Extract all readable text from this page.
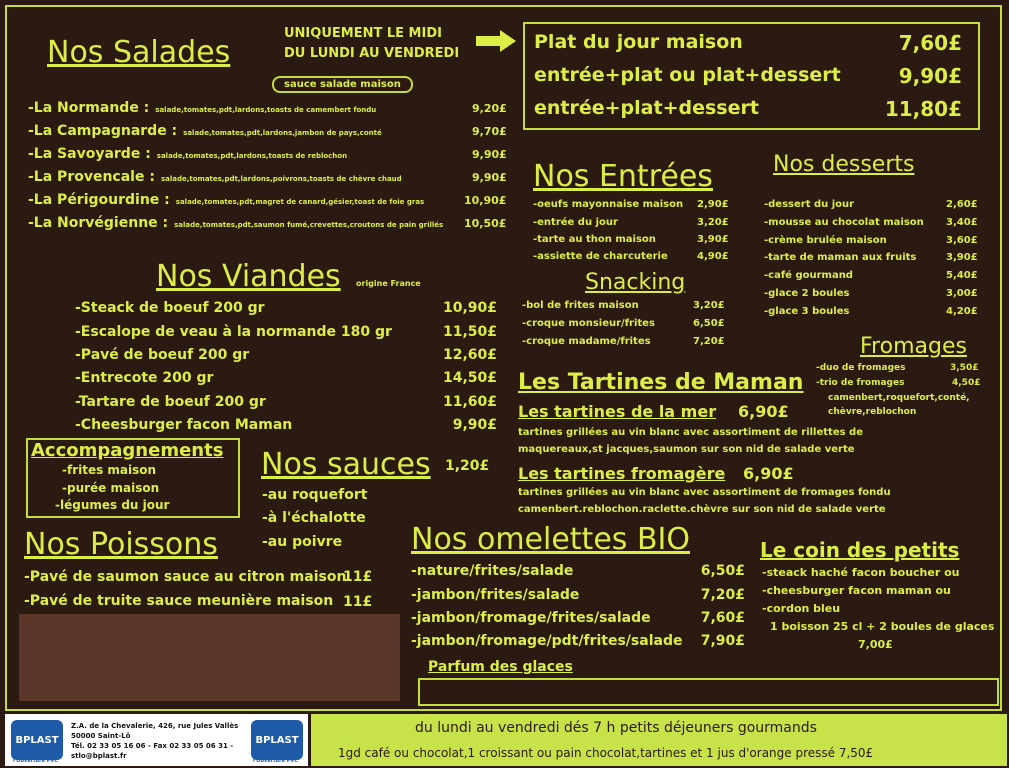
Nos Salades
UNIQUEMENT LE MIDI
DU LUNDI AU VENDREDI
sauce salade maison
-La Normande : salade,tomates,pdt,lardons,toasts de camembert fondu	9,20£
-La Campagnarde : salade,tomates,pdt,lardons,jambon de pays,conté	9,70£
-La Savoyarde : salade,tomates,pdt,lardons,toasts de reblochon	9,90£
-La Provencale : salade,tomates,pdt,lardons,poivrons,toasts de chèvre chaud	9,90£
-La Périgourdine : salade,tomates,pdt,magret de canard,gésier,toast de foie gras	10,90£
-La Norvégienne : salade,tomates,pdt,saumon fumé,crevettes,croutons de pain grillés 10,50£
Plat du jour maison	7,60£
entrée+plat ou plat+dessert	9,90£
entrée+plat+dessert	11,80£
Nos Entrées
-oeufs mayonnaise maison 2,90£
-entrée du jour	3,20£
-tarte au thon maison	3,90£
-assiette de charcuterie	4,90£
Snacking
-bol de frites maison	3,20£
-croque monsieur/frites	6,50£
-croque madame/frites	7,20£
Nos desserts
-dessert du jour	2,60£
-mousse au chocolat maison 3,40£
-crème brulée maison	3,60£
-tarte de maman aux fruits	3,90£
-café gourmand	5,40£
-glace 2 boules	3,00£
-glace 3 boules	4,20£
Fromages
-duo de fromages	3,50£
-trio de fromages	4,50£
camenbert,roquefort,conté,
chèvre,reblochon
Nos Viandes origine France
-Steack de boeuf 200 gr	10,90£
-Escalope de veau à la normande 180 gr	11,50£
-Pavé de boeuf 200 gr	12,60£
-Entrecote 200 gr	14,50£
-Tartare de boeuf 200 gr	11,60£
-Cheesburger facon Maman	9,90£
Accompagnements
-frites maison
-purée maison
-légumes du jour
Nos sauces 1,20£
-au roquefort
-à l'échalotte
-au poivre
Nos Poissons
-Pavé de saumon sauce au citron maison
11£
-Pavé de truite sauce meunière maison 11£
Les Tartines de Maman
Les tartines de la mer 6,90£
tartines grillées au vin blanc avec assortiment de rillettes de
maquereaux,st jacques,saumon sur son nid de salade verte
Les tartines fromagère 6,90£
tartines grillées au vin blanc avec assortiment de fromages fondu
camenbert.reblochon.raclette.chèvre sur son nid de salade verte
Nos omelettes BIO
-nature/frites/salade	6,50£
-jambon/frites/salade	7,20£
-jambon/fromage/frites/salade	7,60£
-jambon/fromage/pdt/frites/salade 7,90£
Parfum des glaces
Le coin des petits
-steack haché facon boucher ou
-cheesburger facon maman ou
-cordon bleu
1 boisson 25 cl + 2 boules de glaces
7,00£
BPLAST
Z.A. de la Chevalerie, 426, rue Jules Vallès
50000 Saint-Lô
Tél. 02 33 05 16 06 - Fax 02 33 05 06 31 -
stlo@bplast.fr
BPLAST
l'Ouverture PVC	l'Ouverture PVC
du lundi au vendredi dés 7 h petits déjeuners gourmands
1gd café ou chocolat,1 croissant ou pain chocolat,tartines et 1 jus d'orange pressé 7,50£
